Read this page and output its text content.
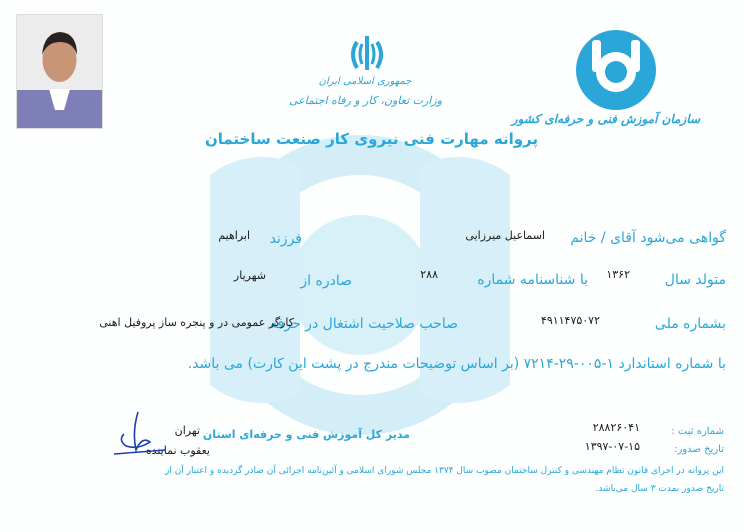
جمهوری اسلامی ایران
وزارت تعاون، کار و رفاه اجتماعی
سازمان آموزش فنی و حرفه‌ای کشور
پروانه مهارت فنی نیروی کار صنعت ساختمان
گواهی می‌شود آقای / خانم
اسماعیل میرزایی
فرزند
ابراهیم
متولد سال
۱۳۶۲
با شناسنامه شماره
۲۸۸
صادره از
شهریار
بشماره ملی
۴۹۱۱۴۷۵۰۷۲
صاحب صلاحیت اشتغال در حرفه
کارگر عمومی در و پنجره ساز پروفیل اهنی
با شماره استاندارد ۱-۰۰۵-۲۹-۷۲۱۴ (بر اساس توضیحات مندرج در پشت این کارت) می باشد.
شماره ثبت :
۲۸۸۲۶۰۴۱
تاریخ صدور:
۱۳۹۷-۰۷-۱۵
مدیر کل آموزش فنی و حرفه‌ای استان
تهران
یعقوب نماینده
این پروانه در اجرای قانون نظام مهندسی و کنترل ساختمان مصوب سال ۱۳۷۴ مجلس شورای اسلامی و آئین‌نامه اجرائی آن صادر گردیده و اعتبار آن از
تاریخ صدور بمدت ۳ سال می‌باشد.
